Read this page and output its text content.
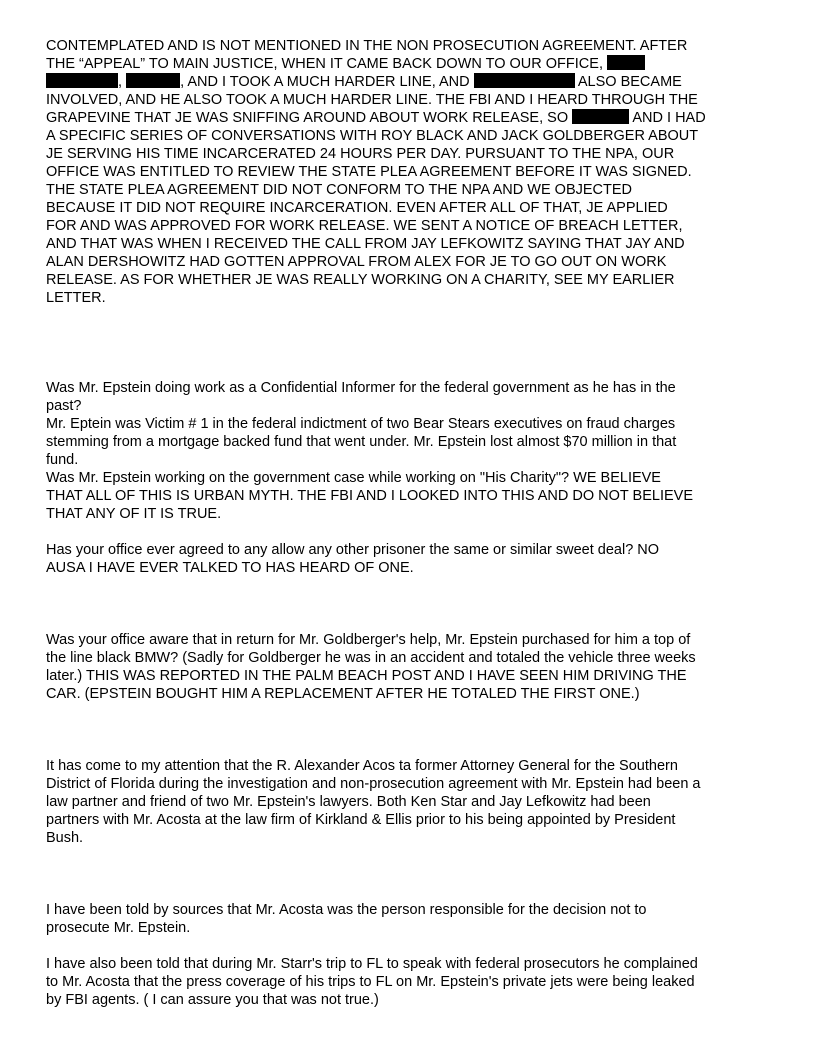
CONTEMPLATED AND IS NOT MENTIONED IN THE NON PROSECUTION AGREEMENT. AFTER
THE “APPEAL” TO MAIN JUSTICE, WHEN IT CAME BACK DOWN TO OUR OFFICE,
,	, AND I TOOK A MUCH HARDER LINE, AND	ALSO BECAME
INVOLVED, AND HE ALSO TOOK A MUCH HARDER LINE. THE FBI AND I HEARD THROUGH THE
GRAPEVINE THAT JE WAS SNIFFING AROUND ABOUT WORK RELEASE, SO	AND I HAD
A SPECIFIC SERIES OF CONVERSATIONS WITH ROY BLACK AND JACK GOLDBERGER ABOUT
JE SERVING HIS TIME INCARCERATED 24 HOURS PER DAY. PURSUANT TO THE NPA, OUR
OFFICE WAS ENTITLED TO REVIEW THE STATE PLEA AGREEMENT BEFORE IT WAS SIGNED.
THE STATE PLEA AGREEMENT DID NOT CONFORM TO THE NPA AND WE OBJECTED
BECAUSE IT DID NOT REQUIRE INCARCERATION. EVEN AFTER ALL OF THAT, JE APPLIED
FOR AND WAS APPROVED FOR WORK RELEASE. WE SENT A NOTICE OF BREACH LETTER,
AND THAT WAS WHEN I RECEIVED THE CALL FROM JAY LEFKOWITZ SAYING THAT JAY AND
ALAN DERSHOWITZ HAD GOTTEN APPROVAL FROM ALEX FOR JE TO GO OUT ON WORK
RELEASE. AS FOR WHETHER JE WAS REALLY WORKING ON A CHARITY, SEE MY EARLIER
LETTER.
Was Mr. Epstein doing work as a Confidential Informer for the federal government as he has in the
past?
Mr. Eptein was Victim # 1 in the federal indictment of two Bear Stears executives on fraud charges
stemming from a mortgage backed fund that went under. Mr. Epstein lost almost $70 million in that
fund.
Was Mr. Epstein working on the government case while working on "His Charity"? WE BELIEVE
THAT ALL OF THIS IS URBAN MYTH. THE FBI AND I LOOKED INTO THIS AND DO NOT BELIEVE
THAT ANY OF IT IS TRUE.
Has your office ever agreed to any allow any other prisoner the same or similar sweet deal? NO
AUSA I HAVE EVER TALKED TO HAS HEARD OF ONE.
Was your office aware that in return for Mr. Goldberger's help, Mr. Epstein purchased for him a top of
the line black BMW? (Sadly for Goldberger he was in an accident and totaled the vehicle three weeks
later.) THIS WAS REPORTED IN THE PALM BEACH POST AND I HAVE SEEN HIM DRIVING THE
CAR. (EPSTEIN BOUGHT HIM A REPLACEMENT AFTER HE TOTALED THE FIRST ONE.)
It has come to my attention that the R. Alexander Acos ta former Attorney General for the Southern
District of Florida during the investigation and non-prosecution agreement with Mr. Epstein had been a
law partner and friend of two Mr. Epstein's lawyers. Both Ken Star and Jay Lefkowitz had been
partners with Mr. Acosta at the law firm of Kirkland & Ellis prior to his being appointed by President
Bush.
I have been told by sources that Mr. Acosta was the person responsible for the decision not to
prosecute Mr. Epstein.
I have also been told that during Mr. Starr's trip to FL to speak with federal prosecutors he complained
to Mr. Acosta that the press coverage of his trips to FL on Mr. Epstein's private jets were being leaked
by FBI agents. ( I can assure you that was not true.)
